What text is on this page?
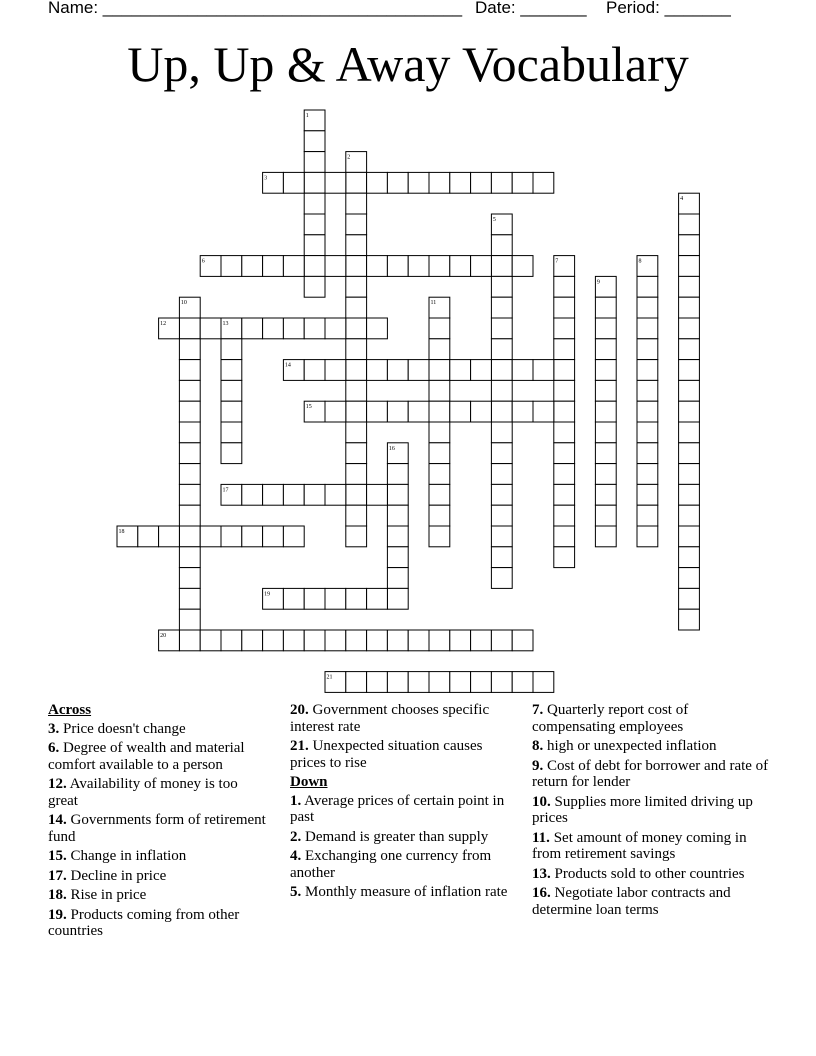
Name: ______________________________________ Date: _______ Period: _______
Up, Up & Away Vocabulary
1
2
3
4
5
6	7	8
9
10	11
12	13
14
15
16
17
18
19
20
21
Across
3. Price doesn't change
6. Degree of wealth and material comfort available to a person
12. Availability of money is too great
14. Governments form of retirement fund
15. Change in inflation
17. Decline in price
18. Rise in price
19. Products coming from other countries
20. Government chooses specific interest rate
21. Unexpected situation causes prices to rise
Down
1. Average prices of certain point in past
2. Demand is greater than supply
4. Exchanging one currency from another
5. Monthly measure of inflation rate
7. Quarterly report cost of compensating employees
8. high or unexpected inflation
9. Cost of debt for borrower and rate of return for lender
10. Supplies more limited driving up prices
11. Set amount of money coming in from retirement savings
13. Products sold to other countries
16. Negotiate labor contracts and determine loan terms
